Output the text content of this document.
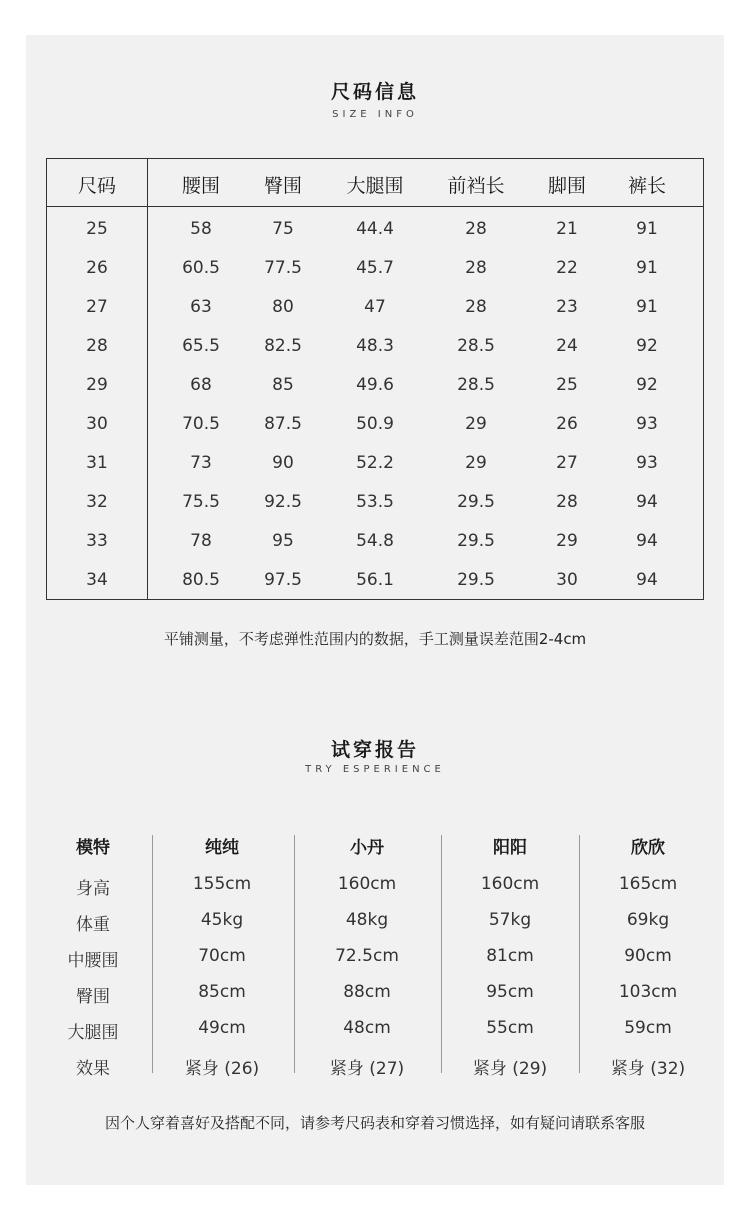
尺码信息
SIZE INFO
尺码	腰围 臀围 大腿围 前裆长 脚围 裤长
25	58	75	44.4	28	21	91
26	60.5	77.5	45.7	28	22	91
27	63	80	47	28	23	91
28	65.5	82.5	48.3	28.5	24	92
29	68	85	49.6	28.5	25	92
30	70.5	87.5	50.9	29	26	93
31	73	90	52.2	29	27	93
32	75.5	92.5	53.5	29.5	28	94
33	78	95	54.8	29.5	29	94
34	80.5	97.5	56.1	29.5	30	94
平铺测量，不考虑弹性范围内的数据，手工测量误差范围2-4cm
试穿报告
TRY ESPERIENCE
模特	纯纯	小丹	阳阳	欣欣
身高	155cm	160cm	160cm	165cm
体重	45kg	48kg	57kg	69kg
中腰围	70cm	72.5cm	81cm	90cm
臀围	85cm	88cm	95cm	103cm
大腿围	49cm	48cm	55cm	59cm
效果	紧身 (26)	紧身 (27)	紧身 (29)	紧身 (32)
因个人穿着喜好及搭配不同，请参考尺码表和穿着习惯选择，如有疑问请联系客服
